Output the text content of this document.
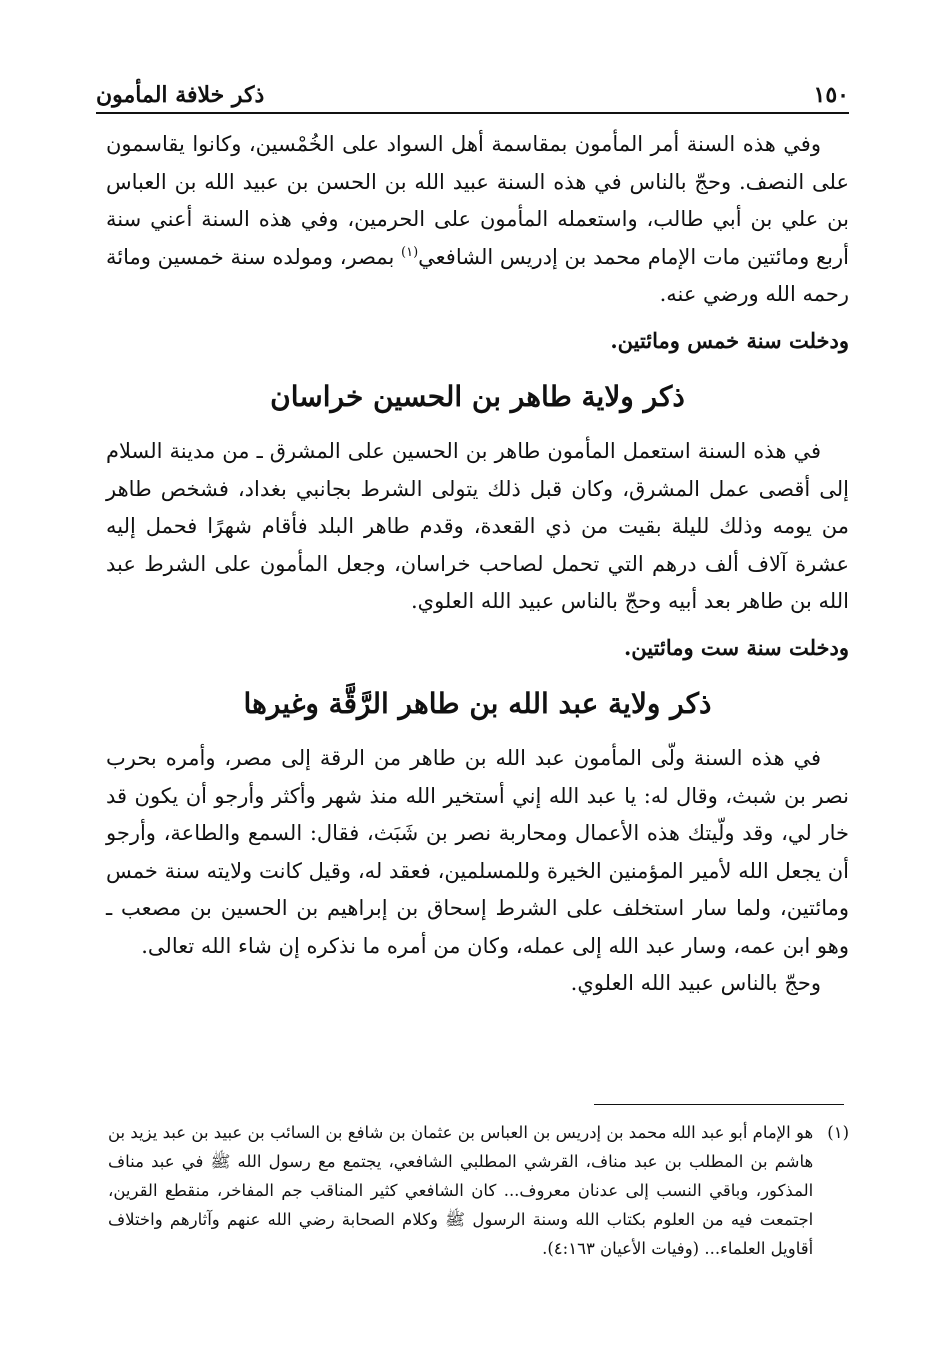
ذكر خلافة المأمون	١٥٠

وفي هذه السنة أمر المأمون بمقاسمة أهل السواد على الخُمْسين، وكانوا يقاسمون على النصف. وحجّ بالناس في هذه السنة عبيد الله بن الحسن بن عبيد الله بن العباس بن علي بن أبي طالب، واستعمله المأمون على الحرمين، وفي هذه السنة أعني سنة أربع ومائتين مات الإمام محمد بن إدريس الشافعي$^{(١)}$ بمصر، ومولده سنة خمسين ومائة رحمه الله ورضي عنه.

ودخلت سنة خمس ومائتين.

ذكر ولاية طاهر بن الحسين خراسان

في هذه السنة استعمل المأمون طاهر بن الحسين على المشرق ـ من مدينة السلام إلى أقصى عمل المشرق، وكان قبل ذلك يتولى الشرط بجانبي بغداد، فشخص طاهر من يومه وذلك لليلة بقيت من ذي القعدة، وقدم طاهر البلد فأقام شهرًا فحمل إليه عشرة آلاف ألف درهم التي تحمل لصاحب خراسان، وجعل المأمون على الشرط عبد الله بن طاهر بعد أبيه وحجّ بالناس عبيد الله العلوي.

ودخلت سنة ست ومائتين.

ذكر ولاية عبد الله بن طاهر الرَّقَّة وغيرها

في هذه السنة ولّى المأمون عبد الله بن طاهر من الرقة إلى مصر، وأمره بحرب نصر بن شبث، وقال له: يا عبد الله إني أستخير الله منذ شهر وأكثر وأرجو أن يكون قد خار لي، وقد ولّيتك هذه الأعمال ومحاربة نصر بن شَبَث، فقال: السمع والطاعة، وأرجو أن يجعل الله لأمير المؤمنين الخيرة وللمسلمين، فعقد له، وقيل كانت ولايته سنة خمس ومائتين، ولما سار استخلف على الشرط إسحاق بن إبراهيم بن الحسين بن مصعب ـ وهو ابن عمه، وسار عبد الله إلى عمله، وكان من أمره ما نذكره إن شاء الله تعالى.

وحجّ بالناس عبيد الله العلوي.

(١)
هو الإمام أبو عبد الله محمد بن إدريس بن العباس بن عثمان بن شافع بن السائب بن عبيد بن عبد يزيد بن هاشم بن المطلب بن عبد مناف، القرشي المطلبي الشافعي، يجتمع مع رسول الله ﷺ في عبد مناف المذكور، وباقي النسب إلى عدنان معروف... كان الشافعي كثير المناقب جم المفاخر، منقطع القرين، اجتمعت فيه من العلوم بكتاب الله وسنة الرسول ﷺ وكلام الصحابة رضي الله عنهم وآثارهم واختلاف أقاويل العلماء... (وفيات الأعيان ٤:١٦٣).
